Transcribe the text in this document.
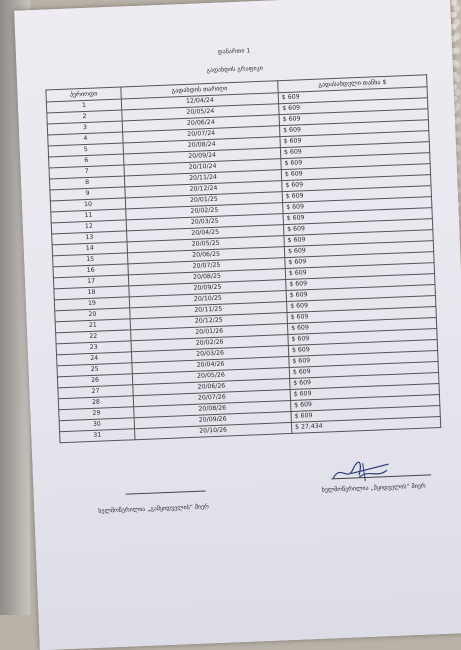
დანართი 1
გადახდის გრაფიკი
პერიოდი	გადახდის თარიღი	გადასახდელი თანხა $
1	12/04/24	$ 609
2	20/05/24	$ 609
3	20/06/24	$ 609
4	20/07/24	$ 609
5	20/08/24	$ 609
6	20/09/24	$ 609
7	20/10/24	$ 609
8	20/11/24	$ 609
9	20/12/24	$ 609
10	20/01/25	$ 609
11	20/02/25	$ 609
12	20/03/25	$ 609
13	20/04/25	$ 609
14	20/05/25	$ 609
15	20/06/25	$ 609
16	20/07/25	$ 609
17	20/08/25	$ 609
18	20/09/25	$ 609
19	20/10/25	$ 609
20	20/11/25	$ 609
21	20/12/25	$ 609
22	20/01/26	$ 609
23	20/02/26	$ 609
24	20/03/26	$ 609
25	20/04/26	$ 609
26	20/05/26	$ 609
27	20/06/26	$ 609
28	20/07/26	$ 609
29	20/08/26	$ 609
30	20/09/26	$ 609
31	20/10/26	$ 27,434
ხელმოწერილია „გამყიდველის“ მიერ
ხელმოწერილია „მყიდველის“ მიერ
